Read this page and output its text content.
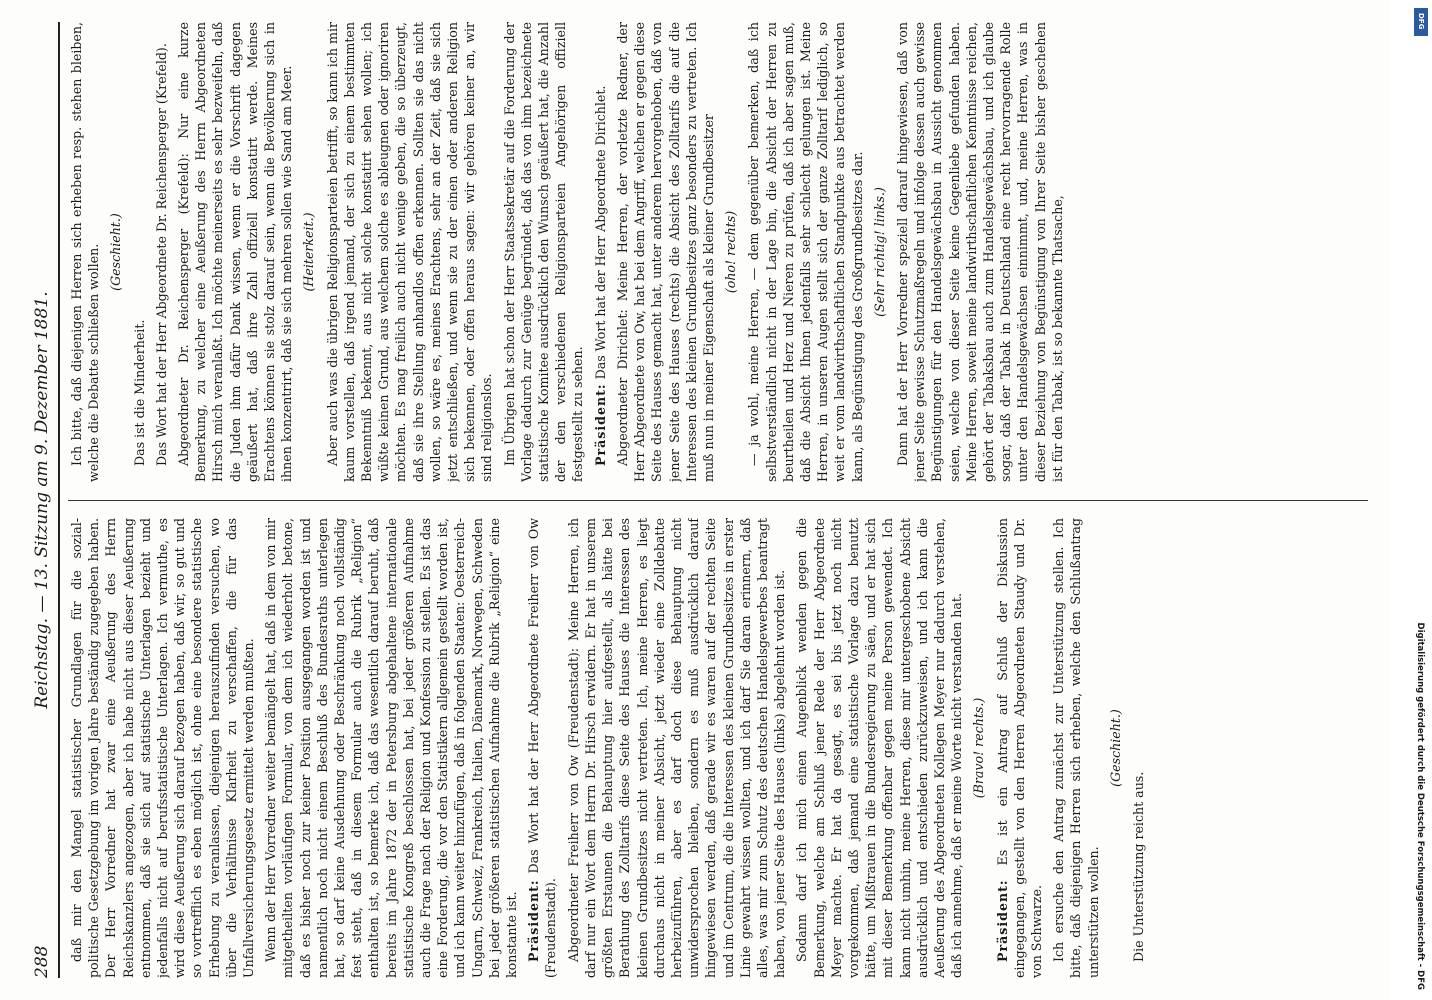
288
Reichstag. — 13. Sitzung am 9. Dezember 1881.

daß mir den Mangel statistischer Grundlagen für die sozial-politische Gesetzgebung im vorigen Jahre beständig zugegeben haben. Der Herr Vorredner hat zwar eine Aeußerung des Herrn Reichskanzlers angezogen, aber ich habe nicht aus dieser Aeußerung entnommen, daß sie sich auf statistische Unterlagen bezieht und jedenfalls nicht auf berufsstatistische Unterlagen. Ich vermuthe, es wird diese Aeußerung sich darauf bezogen haben, daß wir, so gut und so vortrefflich es eben möglich ist, ohne eine besondere statistische Erhebung zu veranlassen, diejenigen herauszufinden versuchen, wo über die Verhältnisse Klarheit zu verschaffen, die für das Unfallversicherungsgesetz ermittelt werden mußten. Wenn der Herr Vorredner weiter bemängelt hat, daß in dem von mir mitgetheilten vorläufigen Formular, von dem ich wiederholt betone, daß es bisher noch zur keiner Position ausgegangen worden ist und namentlich noch nicht einem Beschluß des Bundesraths unterlegen hat, so darf keine Ausdehnung oder Beschränkung noch vollständig fest steht, daß in diesem Formular auch die Rubrik „Religion“ enthalten ist, so bemerke ich, daß das wesentlich darauf beruht, daß bereits im Jahre 1872 der in Petersburg abgehaltene internationale statistische Kongreß beschlossen hat, bei jeder größeren Aufnahme auch die Frage nach der Religion und Konfession zu stellen. Es ist das eine Forderung, die vor den Statistikern allgemein gestellt worden ist, und ich kann weiter hinzufügen, daß in folgenden Staaten: Oesterreich-Ungarn, Schweiz, Frankreich, Italien, Dänemark, Norwegen, Schweden bei jeder größeren statistischen Aufnahme die Rubrik „Religion“ eine konstante ist. Präsident: Das Wort hat der Herr Abgeordnete Freiherr von Ow (Freudenstadt). Abgeordneter Freiherr von Ow (Freudenstadt): Meine Herren, ich darf nur ein Wort dem Herrn Dr. Hirsch erwidern. Er hat in unserem größten Erstaunen die Behauptung hier aufgestellt, als hätte bei Berathung des Zolltarifs diese Seite des Hauses die Interessen des kleinen Grundbesitzes nicht vertreten. Ich, meine Herren, es liegt durchaus nicht in meiner Absicht, jetzt wieder eine Zolldebatte herbeizuführen, aber es darf doch diese Behauptung nicht unwidersprochen bleiben, sondern es muß ausdrücklich darauf hingewiesen werden, daß gerade wir es waren auf der rechten Seite und im Centrum, die die Interessen des kleinen Grundbesitzes in erster Linie gewahrt wissen wollten, und ich darf Sie daran erinnern, daß alles, was mir zum Schutz des deutschen Handelsgewerbes beantragt haben, von jener Seite des Hauses (links) abgelehnt worden ist. Sodann darf ich mich einen Augenblick wenden gegen die Bemerkung, welche am Schluß jener Rede der Herr Abgeordnete Meyer machte. Er hat da gesagt, es sei bis jetzt noch nicht vorgekommen, daß jemand eine statistische Vorlage dazu benutzt hätte, um Mißtrauen in die Bundesregierung zu säen, und er hat sich mit dieser Bemerkung offenbar gegen meine Person gewendet. Ich kann nicht umhin, meine Herren, diese mir untergeschobene Absicht ausdrücklich und entschieden zurückzuweisen, und ich kann die Aeußerung des Abgeordneten Kollegen Meyer nur dadurch verstehen, daß ich annehme, daß er meine Worte nicht verstanden hat. (Bravo! rechts.)

Präsident: Es ist ein Antrag auf Schluß der Diskussion eingegangen, gestellt von den Herren Abgeordneten Staudy und Dr. von Schwarze. Ich ersuche den Antrag zunächst zur Unterstützung stellen. Ich bitte, daß diejenigen Herren sich erheben, welche den Schlußantrag unterstützen wollen.

(Geschieht.)

Die Unterstützung reicht aus.

Ich bitte, daß diejenigen Herren sich erheben resp. stehen bleiben, welche die Debatte schließen wollen. (Geschieht.)

Das ist die Minderheit. Das Wort hat der Herr Abgeordnete Dr. Reichensperger (Krefeld). Abgeordneter Dr. Reichensperger (Krefeld): Nur eine kurze Bemerkung, zu welcher eine Aeußerung des Herrn Abgeordneten Hirsch mich veranlaßt. Ich möchte meinerseits es sehr bezweifeln, daß die Juden ihm dafür Dank wissen, wenn er die Vorschrift dagegen geäußert hat, daß ihre Zahl offiziell konstatirt werde. Meines Erachtens können sie stolz darauf sein, wenn die Bevölkerung sich in ihnen konzentrirt, daß sie sich mehren sollen wie Sand am Meer. (Heiterkeit.) Aber auch was die übrigen Religionsparteien betrifft, so kann ich mir kaum vorstellen, daß irgend jemand, der sich zu einem bestimmten Bekenntniß bekennt, aus nicht solche konstatirt sehen wollen; ich wüßte keinen Grund, aus welchem solche es ableugnen oder ignoriren möchten. Es mag freilich auch nicht wenige geben, die so überzeugt, daß sie ihre Stellung anhandlos offen erkennen. Sollten sie das nicht wollen, so wäre es, meines Erachtens, sehr an der Zeit, daß sie sich jetzt entschließen, und wenn sie zu der einen oder anderen Religion sich bekennen, oder offen heraus sagen: wir gehören keiner an, wir sind religionslos. Im Übrigen hat schon der Herr Staatssekretär auf die Forderung der Vorlage dadurch zur Genüge begründet, daß das von ihm bezeichnete statistische Komitee ausdrücklich den Wunsch geäußert hat, die Anzahl der den verschiedenen Religionsparteien Angehörigen offiziell festgestellt zu sehen. Präsident: Das Wort hat der Herr Abgeordnete Dirichlet. Abgeordneter Dirichlet: Meine Herren, der vorletzte Redner, der Herr Abgeordnete von Ow, hat bei dem Angriff, welchen er gegen diese Seite des Hauses gemacht hat, unter anderem hervorgehoben, daß von jener Seite des Hauses (rechts) die Absicht des Zolltarifs die auf die Interessen des kleinen Grundbesitzes ganz besonders zu vertreten. Ich muß nun in meiner Eigenschaft als kleiner Grundbesitzer (oho! rechts) — ja wohl, meine Herren, — dem gegenüber bemerken, daß ich selbstverständlich nicht in der Lage bin, die Absicht der Herren zu beurtheilen und Herz und Nieren zu prüfen, daß ich aber sagen muß, daß die Absicht Ihnen jedenfalls sehr schlecht gelungen ist. Meine Herren, in unseren Augen stellt sich der ganze Zolltarif lediglich, so weit er vom landwirthschaftlichen Standpunkte aus betrachtet werden kann, als Begünstigung des Großgrundbesitzes dar. (Sehr richtig! links.) Dann hat der Herr Vorredner speziell darauf hingewiesen, daß von jener Seite gewisse Schutzmaßregeln und infolge dessen auch gewisse Begünstigungen für den Handelsgewächsbau in Aussicht genommen seien, welche von dieser Seite keine Gegenliebe gefunden haben. Meine Herren, soweit meine landwirthschaftlichen Kenntnisse reichen, gehört der Tabaksbau auch zum Handelsgewächsbau, und ich glaube sogar, daß der Tabak in Deutschland eine recht hervorragende Rolle unter den Handelsgewächsen einnimmt, und, meine Herren, was in dieser Beziehung von Begünstigung von Ihrer Seite bisher geschehen ist für den Tabak, ist so bekannte Thatsache,

DFG
Digitalisierung gefördert durch die Deutsche Forschungsgemeinschaft - DFG
